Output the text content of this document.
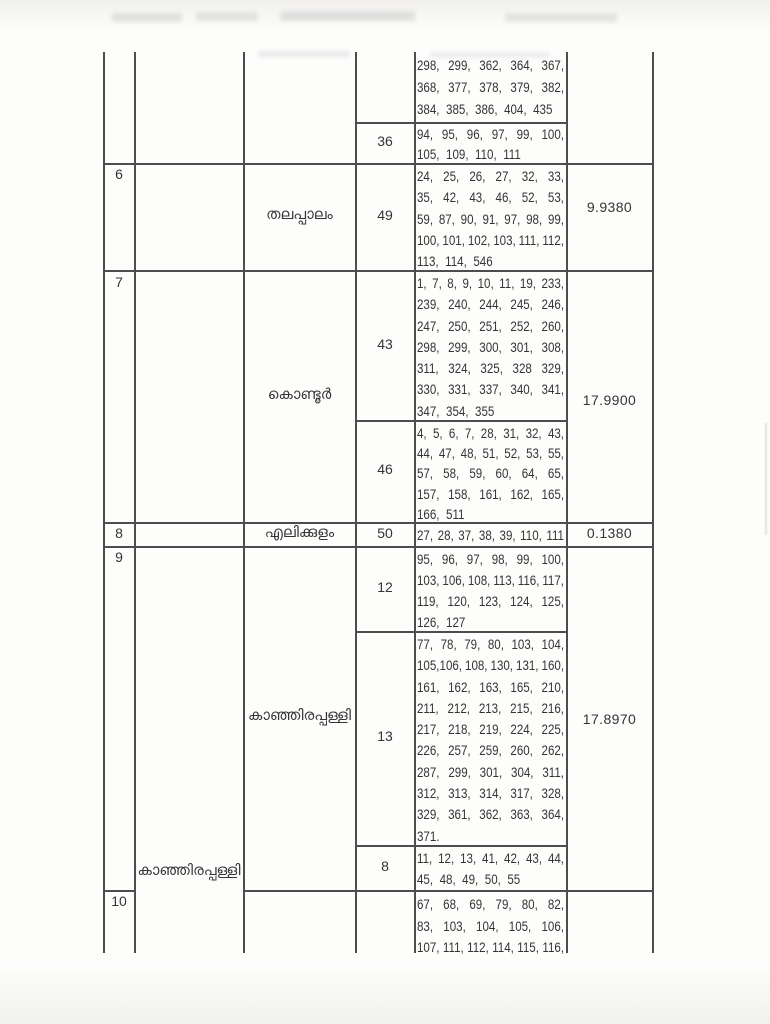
6
7
8
9
10
കാഞ്ഞിരപ്പള്ളി
തലപ്പാലം
കൊണ്ടൂർ
എലിക്കുളം
കാഞ്ഞിരപ്പള്ളി
36
49
43
46
50
12
13
8
298, 299, 362, 364, 367,
368, 377, 378, 379, 382,
384, 385, 386, 404, 435
94, 95, 96, 97, 99, 100,
105, 109, 110, 111
24, 25, 26, 27, 32, 33,
35, 42, 43, 46, 52, 53,
59, 87, 90, 91, 97, 98, 99,
100, 101, 102, 103, 111, 112,
113, 114, 546
1, 7, 8, 9, 10, 11, 19, 233,
239, 240, 244, 245, 246,
247, 250, 251, 252, 260,
298, 299, 300, 301, 308,
311, 324, 325, 328 329,
330, 331, 337, 340, 341,
347, 354, 355
4, 5, 6, 7, 28, 31, 32, 43,
44, 47, 48, 51, 52, 53, 55,
57, 58, 59, 60, 64, 65,
157, 158, 161, 162, 165,
166, 511
27, 28, 37, 38, 39, 110, 111
95, 96, 97, 98, 99, 100,
103, 106, 108, 113, 116, 117,
119, 120, 123, 124, 125,
126, 127
77, 78, 79, 80, 103, 104,
105,106, 108, 130, 131, 160,
161, 162, 163, 165, 210,
211, 212, 213, 215, 216,
217, 218, 219, 224, 225,
226, 257, 259, 260, 262,
287, 299, 301, 304, 311,
312, 313, 314, 317, 328,
329, 361, 362, 363, 364,
371.
11, 12, 13, 41, 42, 43, 44,
45, 48, 49, 50, 55
67, 68, 69, 79, 80, 82,
83, 103, 104, 105, 106,
107, 111, 112, 114, 115, 116,
9.9380
17.9900
0.1380
17.8970
